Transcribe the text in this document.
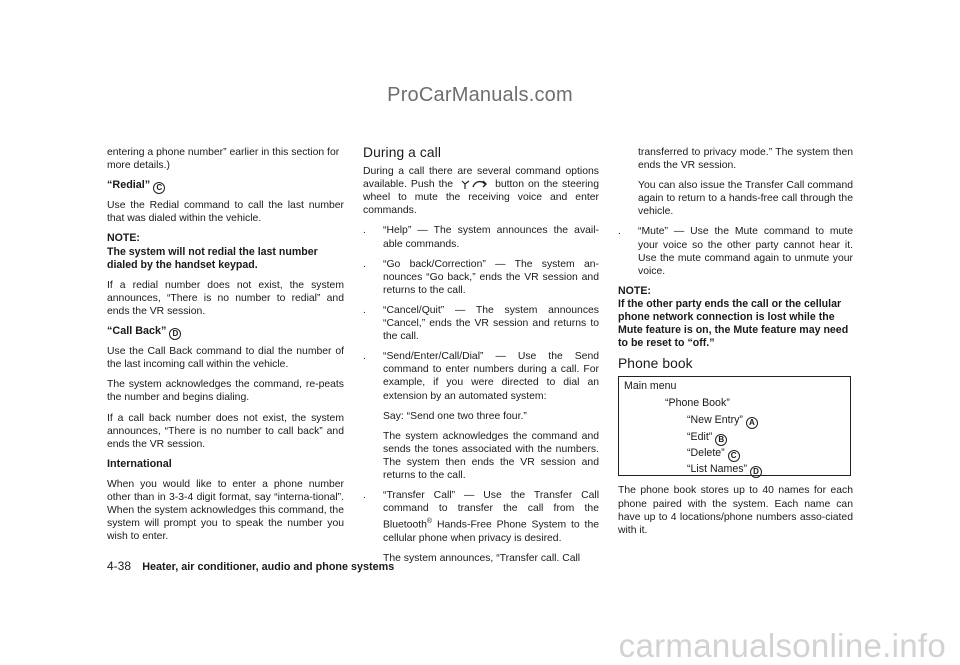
ProCarManuals.com

entering a phone number” earlier in this section for more details.)

“Redial” C

Use the Redial command to call the last number that was dialed within the vehicle.

NOTE:
The system will not redial the last number dialed by the handset keypad.

If a redial number does not exist, the system announces, “There is no number to redial” and ends the VR session.

“Call Back” D

Use the Call Back command to dial the number of the last incoming call within the vehicle.

The system acknowledges the command, re-peats the number and begins dialing.

If a call back number does not exist, the system announces, “There is no number to call back” and ends the VR session.

International

When you would like to enter a phone number other than in 3-3-4 digit format, say “interna-tional”. When the system acknowledges this command, the system will prompt you to speak the number you wish to enter.

During a call

During a call there are several command options available. Push the	button on the steering wheel to mute the receiving voice and enter commands.

. “Help” — The system announces the avail-able commands.
. “Go back/Correction” — The system an-nounces “Go back,” ends the VR session and returns to the call.
. “Cancel/Quit” — The system announces “Cancel,” ends the VR session and returns to the call.
. “Send/Enter/Call/Dial” — Use the Send command to enter numbers during a call. For example, if you were directed to dial an extension by an automated system:
Say: “Send one two three four.”
The system acknowledges the command and sends the tones associated with the numbers. The system then ends the VR session and returns to the call.
. “Transfer Call” — Use the Transfer Call command to transfer the call from the Bluetooth® Hands-Free Phone System to the cellular phone when privacy is desired.
The system announces, “Transfer call. Call
transferred to privacy mode.” The system then ends the VR session.
You can also issue the Transfer Call command again to return to a hands-free call through the vehicle.
. “Mute” — Use the Mute command to mute your voice so the other party cannot hear it. Use the mute command again to unmute your voice.
NOTE:
If the other party ends the call or the cellular phone network connection is lost while the Mute feature is on, the Mute feature may need to be reset to “off.”
Phone book
Main menu
“Phone Book”
“New Entry” A
“Edit” B
“Delete” C
“List Names” D

The phone book stores up to 40 names for each phone paired with the system. Each name can have up to 4 locations/phone numbers asso-ciated with it.

4-38 Heater, air conditioner, audio and phone systems
carmanualsonline.info
